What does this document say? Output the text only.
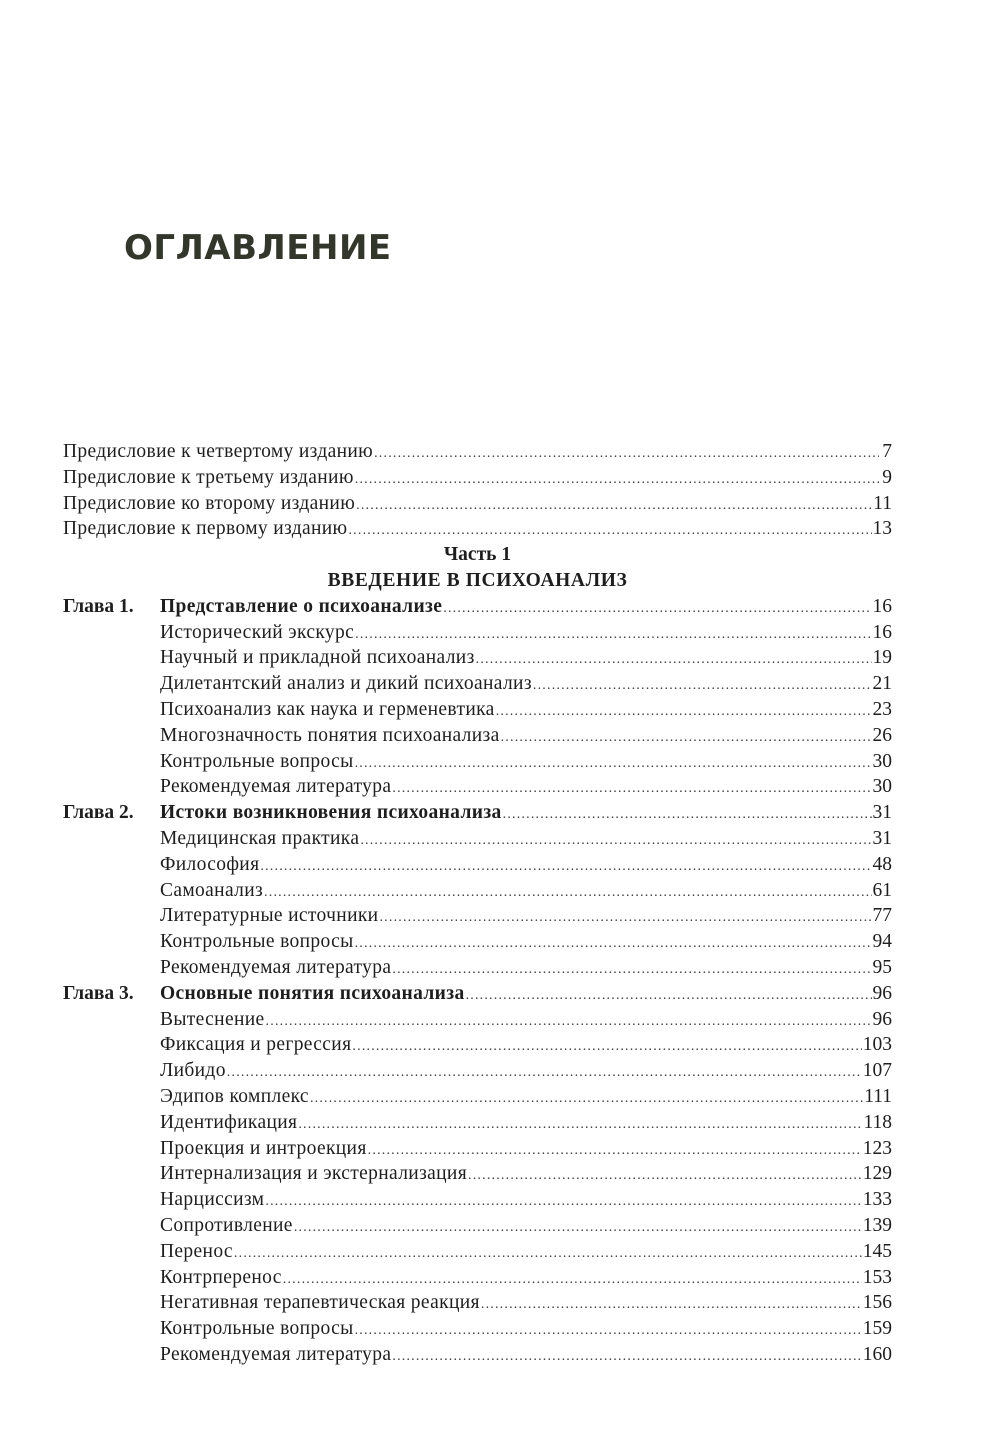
ОГЛАВЛЕНИЕ
Предисловие к четвертому изданию .....	7
Предисловие к третьему изданию .....	9
Предисловие ко второму изданию .....	11
Предисловие к первому изданию .....	13
Часть 1
ВВЕДЕНИЕ В ПСИХОАНАЛИЗ
Глава 1. Представление о психоанализе .....	16
Исторический экскурс .....	16
Научный и прикладной психоанализ .....	19
Дилетантский анализ и дикий психоанализ .....	21
Психоанализ как наука и герменевтика .....	23
Многозначность понятия психоанализа .....	26
Контрольные вопросы .....	30
Рекомендуемая литература .....	30
Глава 2. Истоки возникновения психоанализа .....	31
Медицинская практика .....	31
Философия .....	48
Самоанализ .....	61
Литературные источники .....	77
Контрольные вопросы .....	94
Рекомендуемая литература .....	95
Глава 3. Основные понятия психоанализа .....	96
Вытеснение .....	96
Фиксация и регрессия .....	103
Либидо .....	107
Эдипов комплекс .....	111
Идентификация .....	118
Проекция и интроекция .....	123
Интернализация и экстернализация .....	129
Нарциссизм .....	133
Сопротивление .....	139
Перенос .....	145
Контрперенос .....	153
Негативная терапевтическая реакция .....	156
Контрольные вопросы .....	159
Рекомендуемая литература .....	160
